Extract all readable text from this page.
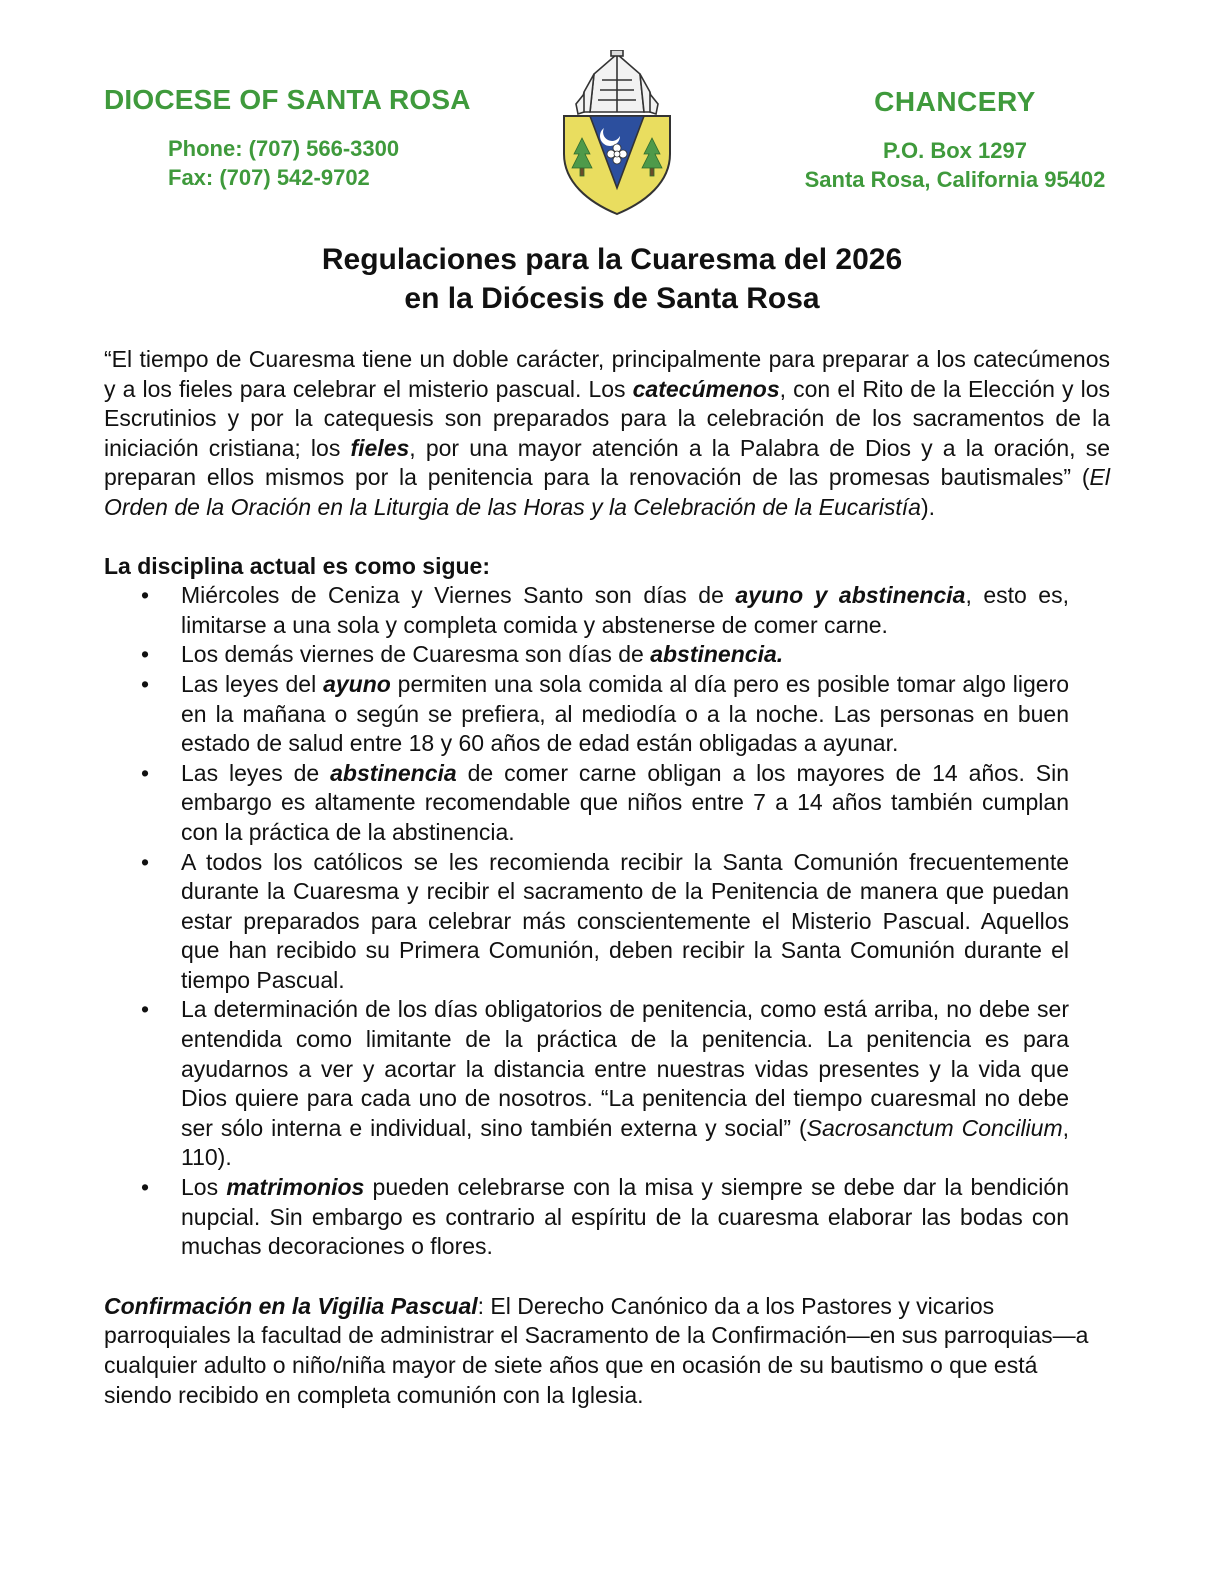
DIOCESE OF SANTA ROSA
Phone: (707) 566-3300
Fax: (707) 542-9702
CHANCERY
P.O. Box 1297
Santa Rosa, California 95402
Regulaciones para la Cuaresma del 2026
en la Diócesis de Santa Rosa

“El tiempo de Cuaresma tiene un doble carácter, principalmente para preparar a los catecúmenos y a los fieles para celebrar el misterio pascual. Los catecúmenos, con el Rito de la Elección y los Escrutinios y por la catequesis son preparados para la celebración de los sacramentos de la iniciación cristiana; los fieles, por una mayor atención a la Palabra de Dios y a la oración, se preparan ellos mismos por la penitencia para la renovación de las promesas bautismales” (El Orden de la Oración en la Liturgia de las Horas y la Celebración de la Eucaristía).

La disciplina actual es como sigue:

• Miércoles de Ceniza y Viernes Santo son días de ayuno y abstinencia, esto es, limitarse a una sola y completa comida y abstenerse de comer carne.
• Los demás viernes de Cuaresma son días de abstinencia.
• Las leyes del ayuno permiten una sola comida al día pero es posible tomar algo ligero en la mañana o según se prefiera, al mediodía o a la noche. Las personas en buen estado de salud entre 18 y 60 años de edad están obligadas a ayunar.
• Las leyes de abstinencia de comer carne obligan a los mayores de 14 años. Sin embargo es altamente recomendable que niños entre 7 a 14 años también cumplan con la práctica de la abstinencia.
• A todos los católicos se les recomienda recibir la Santa Comunión frecuentemente durante la Cuaresma y recibir el sacramento de la Penitencia de manera que puedan estar preparados para celebrar más conscientemente el Misterio Pascual. Aquellos que han recibido su Primera Comunión, deben recibir la Santa Comunión durante el tiempo Pascual.
• La determinación de los días obligatorios de penitencia, como está arriba, no debe ser entendida como limitante de la práctica de la penitencia. La penitencia es para ayudarnos a ver y acortar la distancia entre nuestras vidas presentes y la vida que Dios quiere para cada uno de nosotros. “La penitencia del tiempo cuaresmal no debe ser sólo interna e individual, sino también externa y social” (Sacrosanctum Concilium, 110).
• Los matrimonios pueden celebrarse con la misa y siempre se debe dar la bendición nupcial. Sin embargo es contrario al espíritu de la cuaresma elaborar las bodas con muchas decoraciones o flores.

Confirmación en la Vigilia Pascual: El Derecho Canónico da a los Pastores y vicarios parroquiales la facultad de administrar el Sacramento de la Confirmación—en sus parroquias—a cualquier adulto o niño/niña mayor de siete años que en ocasión de su bautismo o que está siendo recibido en completa comunión con la Iglesia.
